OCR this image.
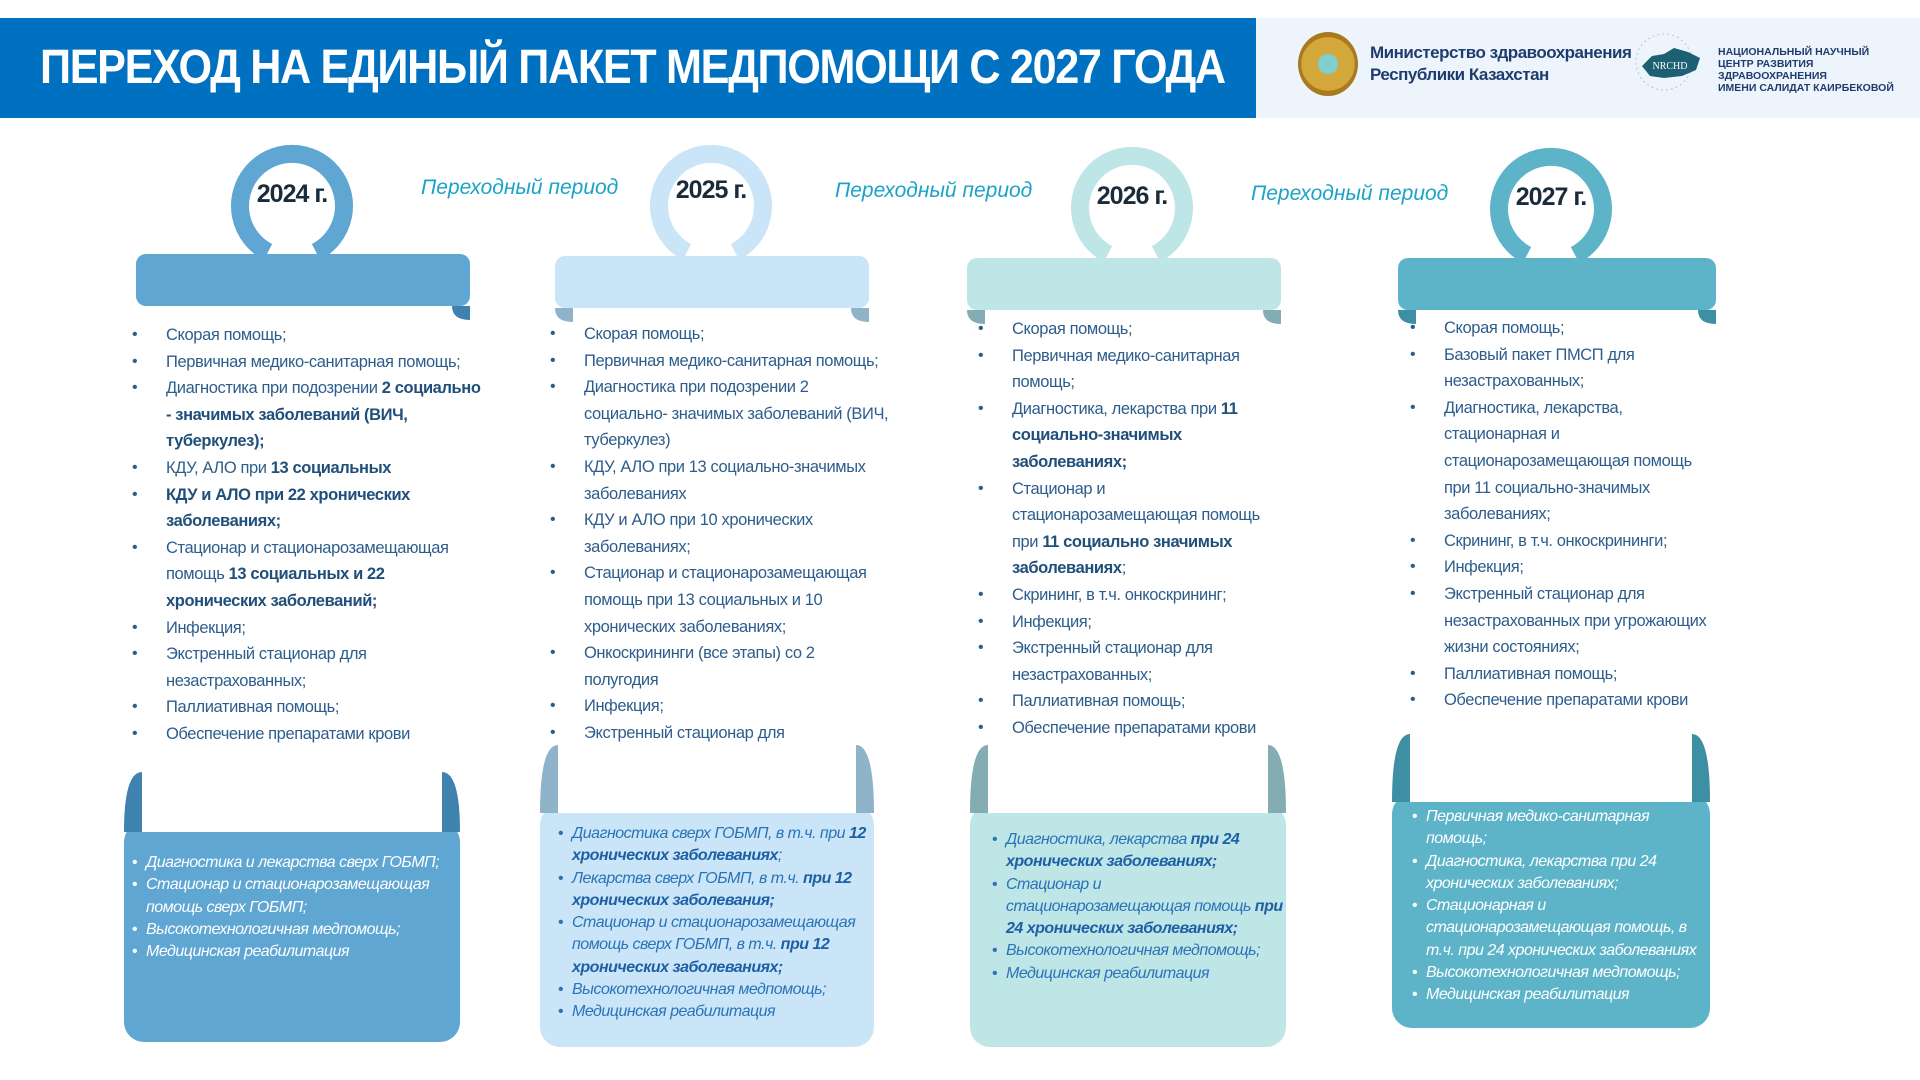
ПЕРЕХОД НА ЕДИНЫЙ ПАКЕТ МЕДПОМОЩИ С 2027 ГОДА	Министерство здравоохранения
Республики Казахстан	NRCHD
НАЦИОНАЛЬНЫЙ НАУЧНЫЙ
ЦЕНТР РАЗВИТИЯ ЗДРАВООХРАНЕНИЯ
ИМЕНИ САЛИДАТ КАИРБЕКОВОЙ
2024 г.	2025 г.	2026 г.	2027 г.
Переходный период	Переходный период	Переходный период
• Скорая помощь;
• Первичная медико-санитарная помощь;
• Диагностика при подозрении 2 социально - значимых заболеваний (ВИЧ, туберкулез);
• КДУ, АЛО при 13 социальных
• КДУ и АЛО при 22 хронических заболеваниях;
• Стационар и стационарозамещающая помощь 13 социальных и 22 хронических заболеваний;
• Инфекция;
• Экстренный стационар для незастрахованных;
• Паллиативная помощь;
• Обеспечение препаратами крови
• Скорая помощь;
• Первичная медико-санитарная помощь;
• Диагностика при подозрении 2 социально- значимых заболеваний (ВИЧ, туберкулез)
• КДУ, АЛО при 13 социально-значимых заболеваниях
• КДУ и АЛО при 10 хронических заболеваниях;
• Стационар и стационарозамещающая помощь при 13 социальных и 10 хронических заболеваниях;
• Онкоскрининги (все этапы) со 2 полугодия
• Инфекция;
• Экстренный стационар для
•
•
• Скорая помощь;
• Первичная медико-санитарная помощь;
• Диагностика, лекарства при 11 социально-значимых заболеваниях;
• Стационар и стационарозамещающая помощь при 11 социально значимых заболеваниях;
• Скрининг, в т.ч. онкоскрининг;
• Инфекция;
• Экстренный стационар для незастрахованных;
• Паллиативная помощь;
• Обеспечение препаратами крови
• Скорая помощь;
• Базовый пакет ПМСП для незастрахованных;
• Диагностика, лекарства, стационарная и стационарозамещающая помощь при 11 социально-значимых заболеваниях;
• Скрининг, в т.ч. онкоскрининги;
• Инфекция;
• Экстренный стационар для незастрахованных при угрожающих жизни состояниях;
• Паллиативная помощь;
• Обеспечение препаратами крови
• Диагностика и лекарства сверх ГОБМП;
• Стационар и стационарозамещающая помощь сверх ГОБМП;
• Высокотехнологичная медпомощь;
• Медицинская реабилитация
• Диагностика сверх ГОБМП, в т.ч. при 12 хронических заболеваниях;
• Лекарства сверх ГОБМП, в т.ч. при 12 хронических заболевания;
• Стационар и стационарозамещающая помощь сверх ГОБМП, в т.ч. при 12 хронических заболеваниях;
• Высокотехнологичная медпомощь;
• Медицинская реабилитация
• Диагностика, лекарства при 24 хронических заболеваниях;
• Стационар и стационарозамещающая помощь при 24 хронических заболеваниях;
• Высокотехнологичная медпомощь;
• Медицинская реабилитация
• Первичная медико-санитарная помощь;
• Диагностика, лекарства при 24 хронических заболеваниях;
• Стационарная и стационарозамещающая помощь, в т.ч. при 24 хронических заболеваниях
• Высокотехнологичная медпомощь;
• Медицинская реабилитация
